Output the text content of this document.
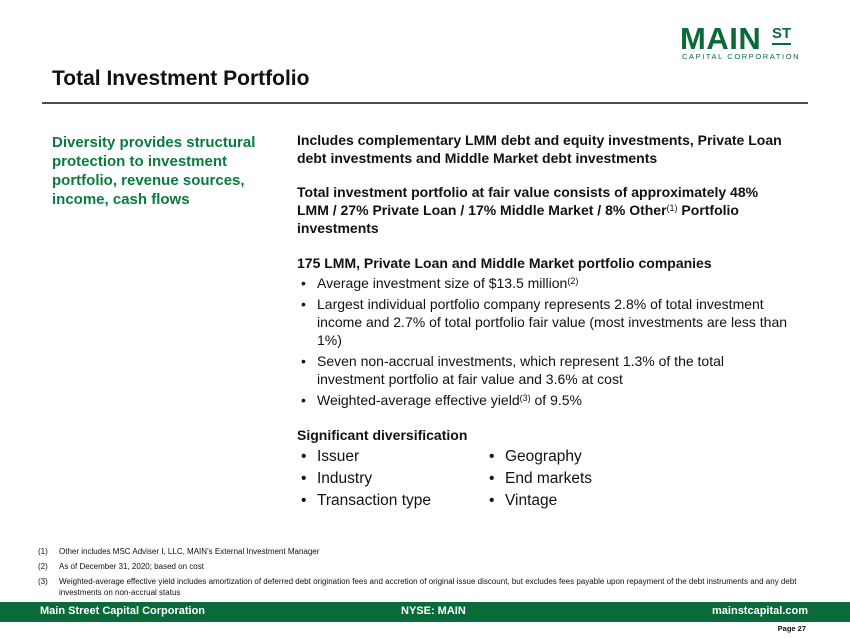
MAIN ST
CAPITAL CORPORATION
Total Investment Portfolio
Diversity provides structural protection to investment portfolio, revenue sources, income, cash flows

Includes complementary LMM debt and equity investments, Private Loan debt investments and Middle Market debt investments

Total investment portfolio at fair value consists of approximately 48% LMM / 27% Private Loan / 17% Middle Market / 8% Other$^{(1)}$ Portfolio investments

175 LMM, Private Loan and Middle Market portfolio companies

• Average investment size of $13.5 million$^{(2)}$
• Largest individual portfolio company represents 2.8% of total investment income and 2.7% of total portfolio fair value (most investments are less than 1%)
• Seven non-accrual investments, which represent 1.3% of the total investment portfolio at fair value and 3.6% at cost
• Weighted-average effective yield$^{(3)}$ of 9.5%

Significant diversification

• Issuer
• Industry
• Transaction type
• Geography
• End markets
• Vintage
(1) Other includes MSC Adviser I, LLC, MAIN’s External Investment Manager
(2) As of December 31, 2020; based on cost
(3) Weighted-average effective yield includes amortization of deferred debt origination fees and accretion of original issue discount, but excludes fees payable upon repayment of the debt instruments and any debt investments on non-accrual status
Main Street Capital Corporation	NYSE: MAIN	mainstcapital.com
Page 27
